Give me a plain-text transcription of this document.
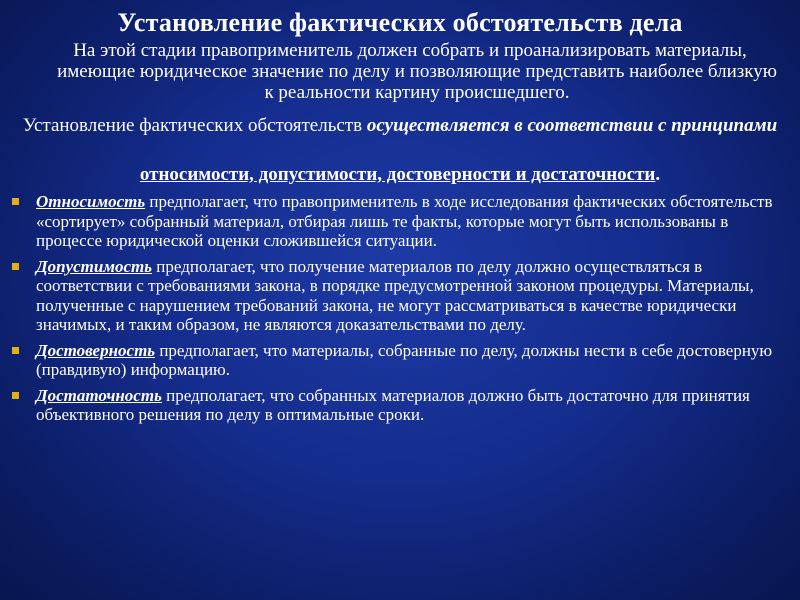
Установление фактических обстоятельств дела

На этой стадии правоприменитель должен собрать и проанализировать материалы, имеющие юридическое значение по делу и позволяющие представить наиболее близкую к реальности картину происшедшего.

Установление фактических обстоятельств осуществляется в соответствии с принципами

относимости, допустимости, достоверности и достаточности.

Относимость предполагает, что правоприменитель в ходе исследования фактических обстоятельств «сортирует» собранный материал, отбирая лишь те факты, которые могут быть использованы в процессе юридической оценки сложившейся ситуации.
Допустимость предполагает, что получение материалов по делу должно осуществляться в соответствии с требованиями закона, в порядке предусмотренной законом процедуры. Материалы, полученные с нарушением требований закона, не могут рассматриваться в качестве юридически значимых, и таким образом, не являются доказательствами по делу.
Достоверность предполагает, что материалы, собранные по делу, должны нести в себе достоверную (правдивую) информацию.
Достаточность предполагает, что собранных материалов должно быть достаточно для принятия объективного решения по делу в оптимальные сроки.
